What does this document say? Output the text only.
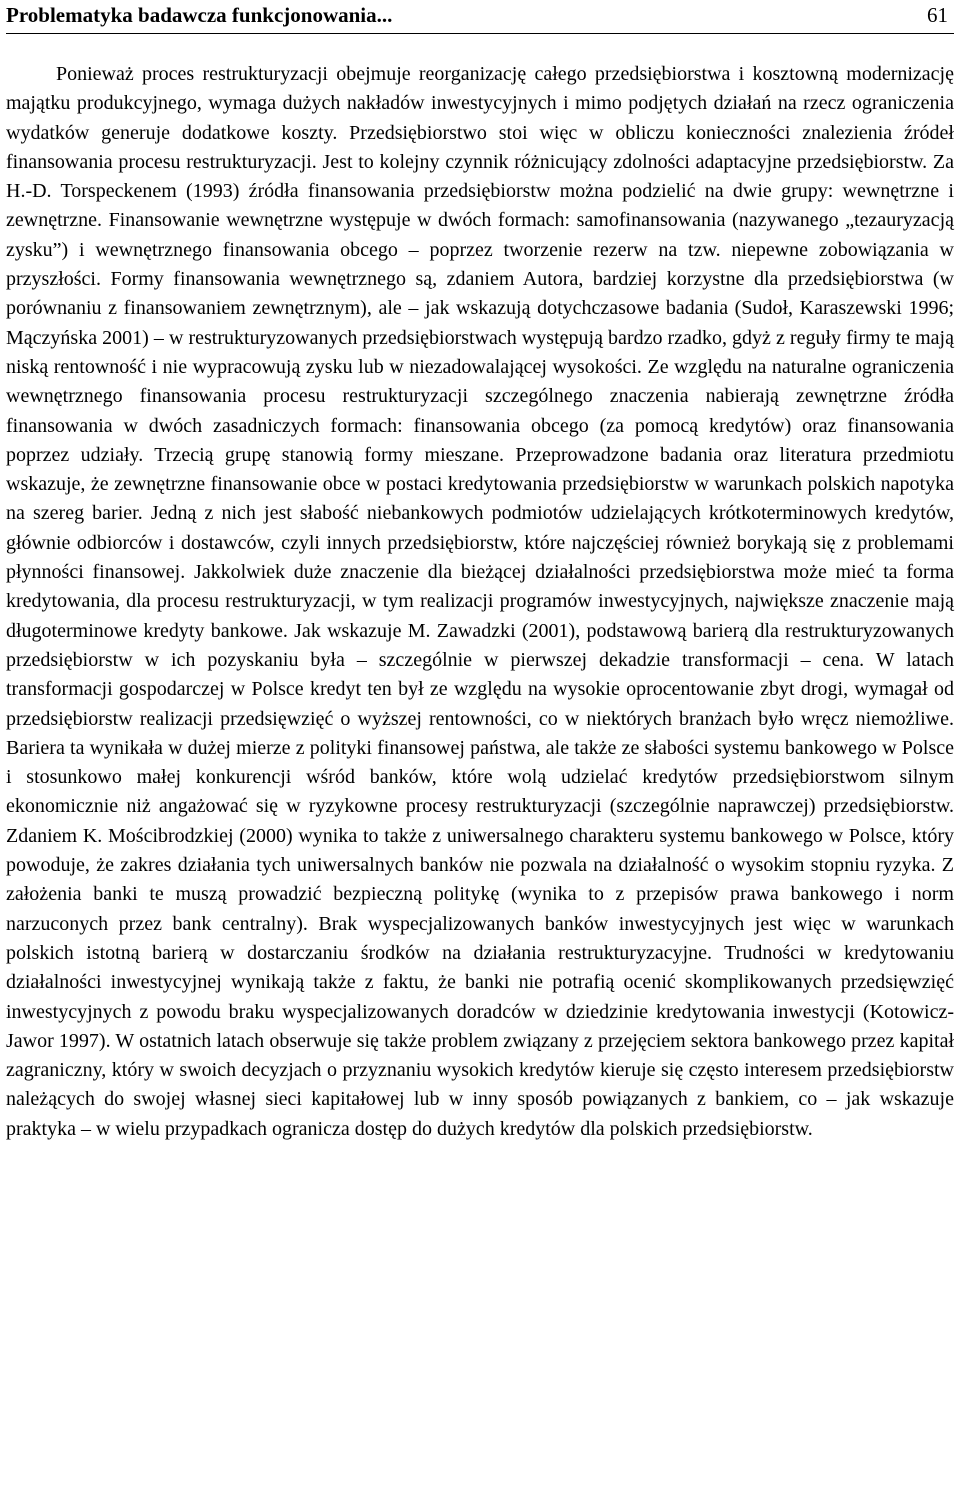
Problematyka badawcza funkcjonowania...	61

Ponieważ proces restrukturyzacji obejmuje reorganizację całego przedsiębiorstwa i kosztowną modernizację majątku produkcyjnego, wymaga dużych nakładów inwestycyjnych i mimo podjętych działań na rzecz ograniczenia wydatków generuje dodatkowe koszty. Przedsiębiorstwo stoi więc w obliczu konieczności znalezienia źródeł finansowania procesu restrukturyzacji. Jest to kolejny czynnik różnicujący zdolności adaptacyjne przedsiębiorstw. Za H.-D. Torspeckenem (1993) źródła finansowania przedsiębiorstw można podzielić na dwie grupy: wewnętrzne i zewnętrzne. Finansowanie wewnętrzne występuje w dwóch formach: samofinansowania (nazywanego „tezauryzacją zysku”) i wewnętrznego finansowania obcego – poprzez tworzenie rezerw na tzw. niepewne zobowiązania w przyszłości. Formy finansowania wewnętrznego są, zdaniem Autora, bardziej korzystne dla przedsiębiorstwa (w porównaniu z finansowaniem zewnętrznym), ale – jak wskazują dotychczasowe badania (Sudoł, Karaszewski 1996; Mączyńska 2001) – w restrukturyzowanych przedsiębiorstwach występują bardzo rzadko, gdyż z reguły firmy te mają niską rentowność i nie wypracowują zysku lub w niezadowalającej wysokości. Ze względu na naturalne ograniczenia wewnętrznego finansowania procesu restrukturyzacji szczególnego znaczenia nabierają zewnętrzne źródła finansowania w dwóch zasadniczych formach: finansowania obcego (za pomocą kredytów) oraz finansowania poprzez udziały. Trzecią grupę stanowią formy mieszane. Przeprowadzone badania oraz literatura przedmiotu wskazuje, że zewnętrzne finansowanie obce w postaci kredytowania przedsiębiorstw w warunkach polskich napotyka na szereg barier. Jedną z nich jest słabość niebankowych podmiotów udzielających krótkoterminowych kredytów, głównie odbiorców i dostawców, czyli innych przedsiębiorstw, które najczęściej również borykają się z problemami płynności finansowej. Jakkolwiek duże znaczenie dla bieżącej działalności przedsiębiorstwa może mieć ta forma kredytowania, dla procesu restrukturyzacji, w tym realizacji programów inwestycyjnych, największe znaczenie mają długoterminowe kredyty bankowe. Jak wskazuje M. Zawadzki (2001), podstawową barierą dla restrukturyzowanych przedsiębiorstw w ich pozyskaniu była – szczególnie w pierwszej dekadzie transformacji – cena. W latach transformacji gospodarczej w Polsce kredyt ten był ze względu na wysokie oprocentowanie zbyt drogi, wymagał od przedsiębiorstw realizacji przedsięwzięć o wyższej rentowności, co w niektórych branżach było wręcz niemożliwe. Bariera ta wynikała w dużej mierze z polityki finansowej państwa, ale także ze słabości systemu bankowego w Polsce i stosunkowo małej konkurencji wśród banków, które wolą udzielać kredytów przedsiębiorstwom silnym ekonomicznie niż angażować się w ryzykowne procesy restrukturyzacji (szczególnie naprawczej) przedsiębiorstw. Zdaniem K. Mościbrodzkiej (2000) wynika to także z uniwersalnego charakteru systemu bankowego w Polsce, który powoduje, że zakres działania tych uniwersalnych banków nie pozwala na działalność o wysokim stopniu ryzyka. Z założenia banki te muszą prowadzić bezpieczną politykę (wynika to z przepisów prawa bankowego i norm narzuconych przez bank centralny). Brak wyspecjalizowanych banków inwestycyjnych jest więc w warunkach polskich istotną barierą w dostarczaniu środków na działania restrukturyzacyjne. Trudności w kredytowaniu działalności inwestycyjnej wynikają także z faktu, że banki nie potrafią ocenić skomplikowanych przedsięwzięć inwestycyjnych z powodu braku wyspecjalizowanych doradców w dziedzinie kredytowania inwestycji (Kotowicz-Jawor 1997). W ostatnich latach obserwuje się także problem związany z przejęciem sektora bankowego przez kapitał zagraniczny, który w swoich decyzjach o przyznaniu wysokich kredytów kieruje się często interesem przedsiębiorstw należących do swojej własnej sieci kapitałowej lub w inny sposób powiązanych z bankiem, co – jak wskazuje praktyka – w wielu przypadkach ogranicza dostęp do dużych kredytów dla polskich przedsiębiorstw.
